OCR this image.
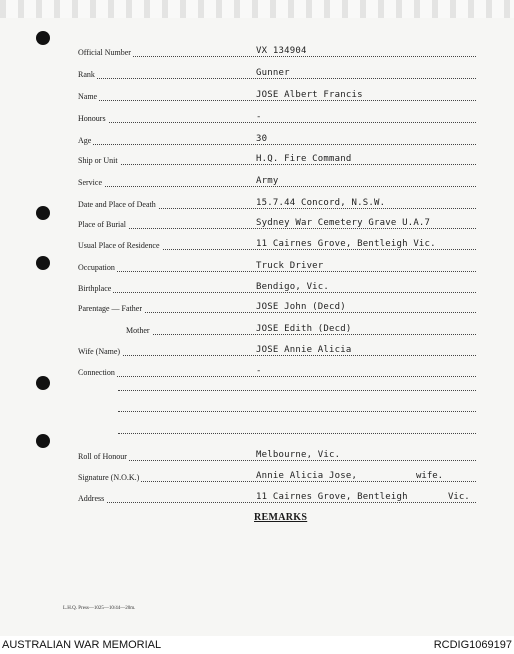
Official Number	VX 134904
Rank	Gunner
Name	JOSE Albert Francis
Honours	-
Age	30
Ship or Unit	H.Q. Fire Command
Service	Army
Date and Place of Death	15.7.44 Concord, N.S.W.
Place of Burial	Sydney War Cemetery Grave U.A.7
Usual Place of Residence	11 Cairnes Grove, Bentleigh Vic.
Occupation	Truck Driver
Birthplace	Bendigo, Vic.
Parentage — Father	JOSE John (Decd)
Mother	JOSE Edith (Decd)
Wife (Name)	JOSE Annie Alicia
Connection	-
Roll of Honour	Melbourne, Vic.
Signature (N.O.K.)	Annie Alicia Jose,	wife.
Address	11 Cairnes Grove, Bentleigh	Vic.
REMARKS
L.H.Q. Press—1025—10/44—20m.
AUSTRALIAN WAR MEMORIAL	RCDIG1069197
